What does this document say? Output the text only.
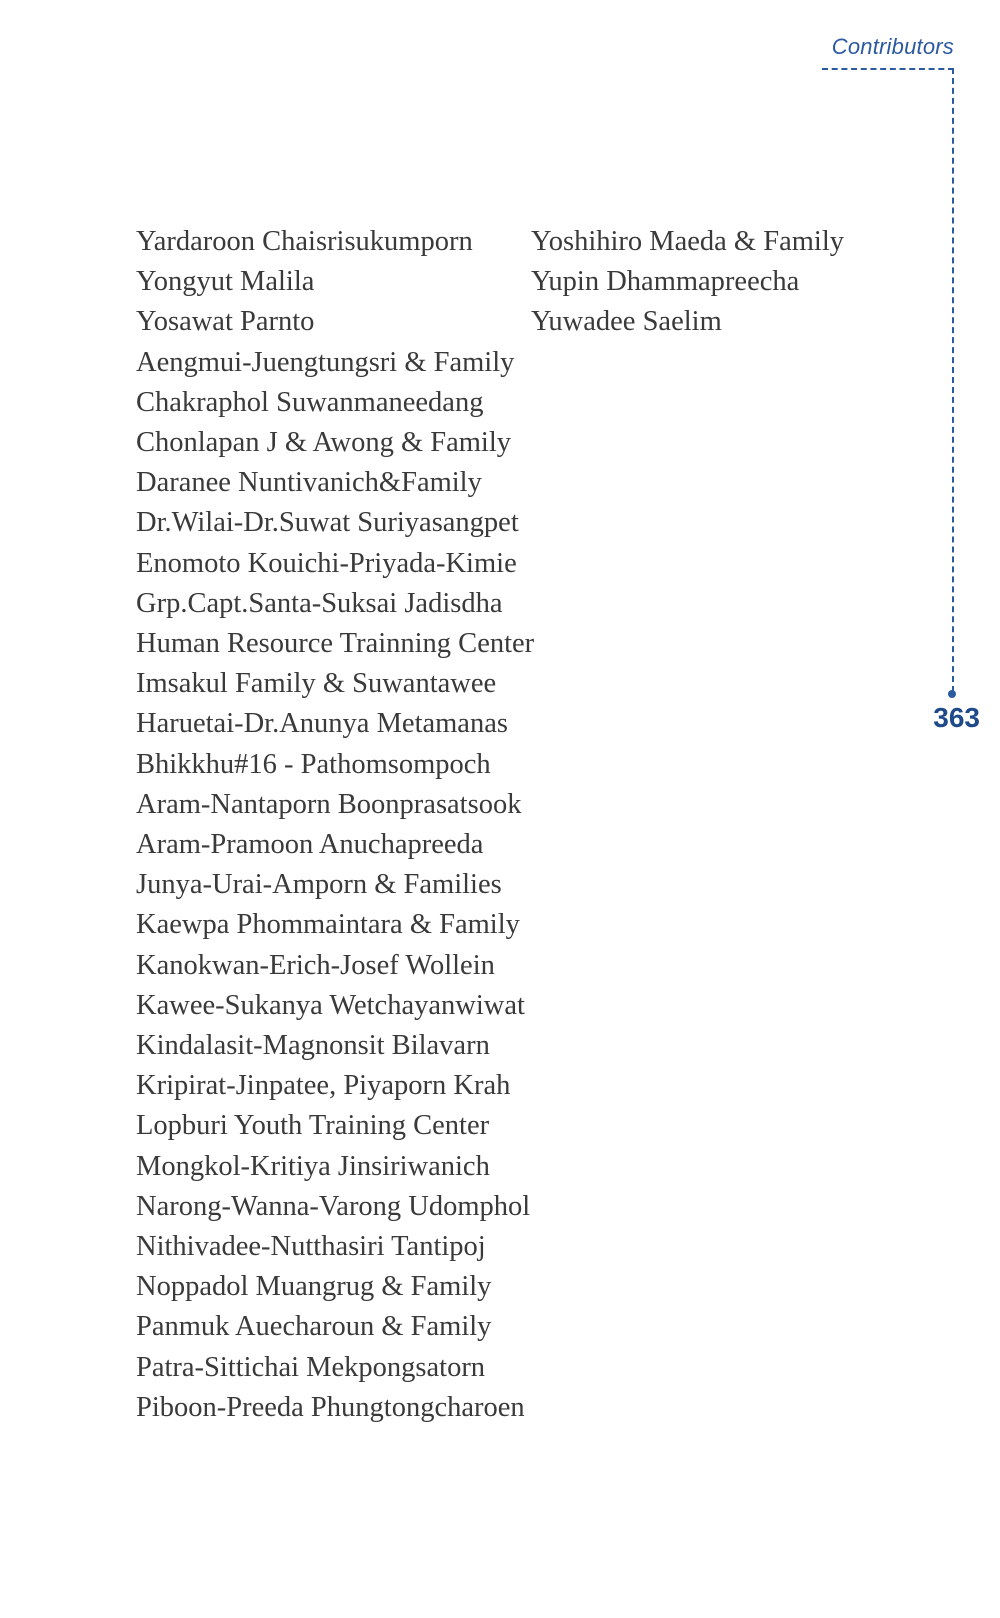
Contributors
363
Yardaroon Chaisrisukumporn
Yongyut Malila
Yosawat Parnto
Aengmui-Juengtungsri & Family
Chakraphol Suwanmaneedang
Chonlapan J & Awong & Family
Daranee Nuntivanich&Family
Dr.Wilai-Dr.Suwat Suriyasangpet
Enomoto Kouichi-Priyada-Kimie
Grp.Capt.Santa-Suksai Jadisdha
Human Resource Trainning Center
Imsakul Family & Suwantawee
Haruetai-Dr.Anunya Metamanas
Bhikkhu#16 - Pathomsompoch
Aram-Nantaporn Boonprasatsook
Aram-Pramoon Anuchapreeda
Junya-Urai-Amporn & Families
Kaewpa Phommaintara & Family
Kanokwan-Erich-Josef Wollein
Kawee-Sukanya Wetchayanwiwat
Kindalasit-Magnonsit Bilavarn
Kripirat-Jinpatee, Piyaporn Krah
Lopburi Youth Training Center
Mongkol-Kritiya Jinsiriwanich
Narong-Wanna-Varong Udomphol
Nithivadee-Nutthasiri Tantipoj
Noppadol Muangrug & Family
Panmuk Auecharoun & Family
Patra-Sittichai Mekpongsatorn
Piboon-Preeda Phungtongcharoen
Yoshihiro Maeda & Family
Yupin Dhammapreecha
Yuwadee Saelim
